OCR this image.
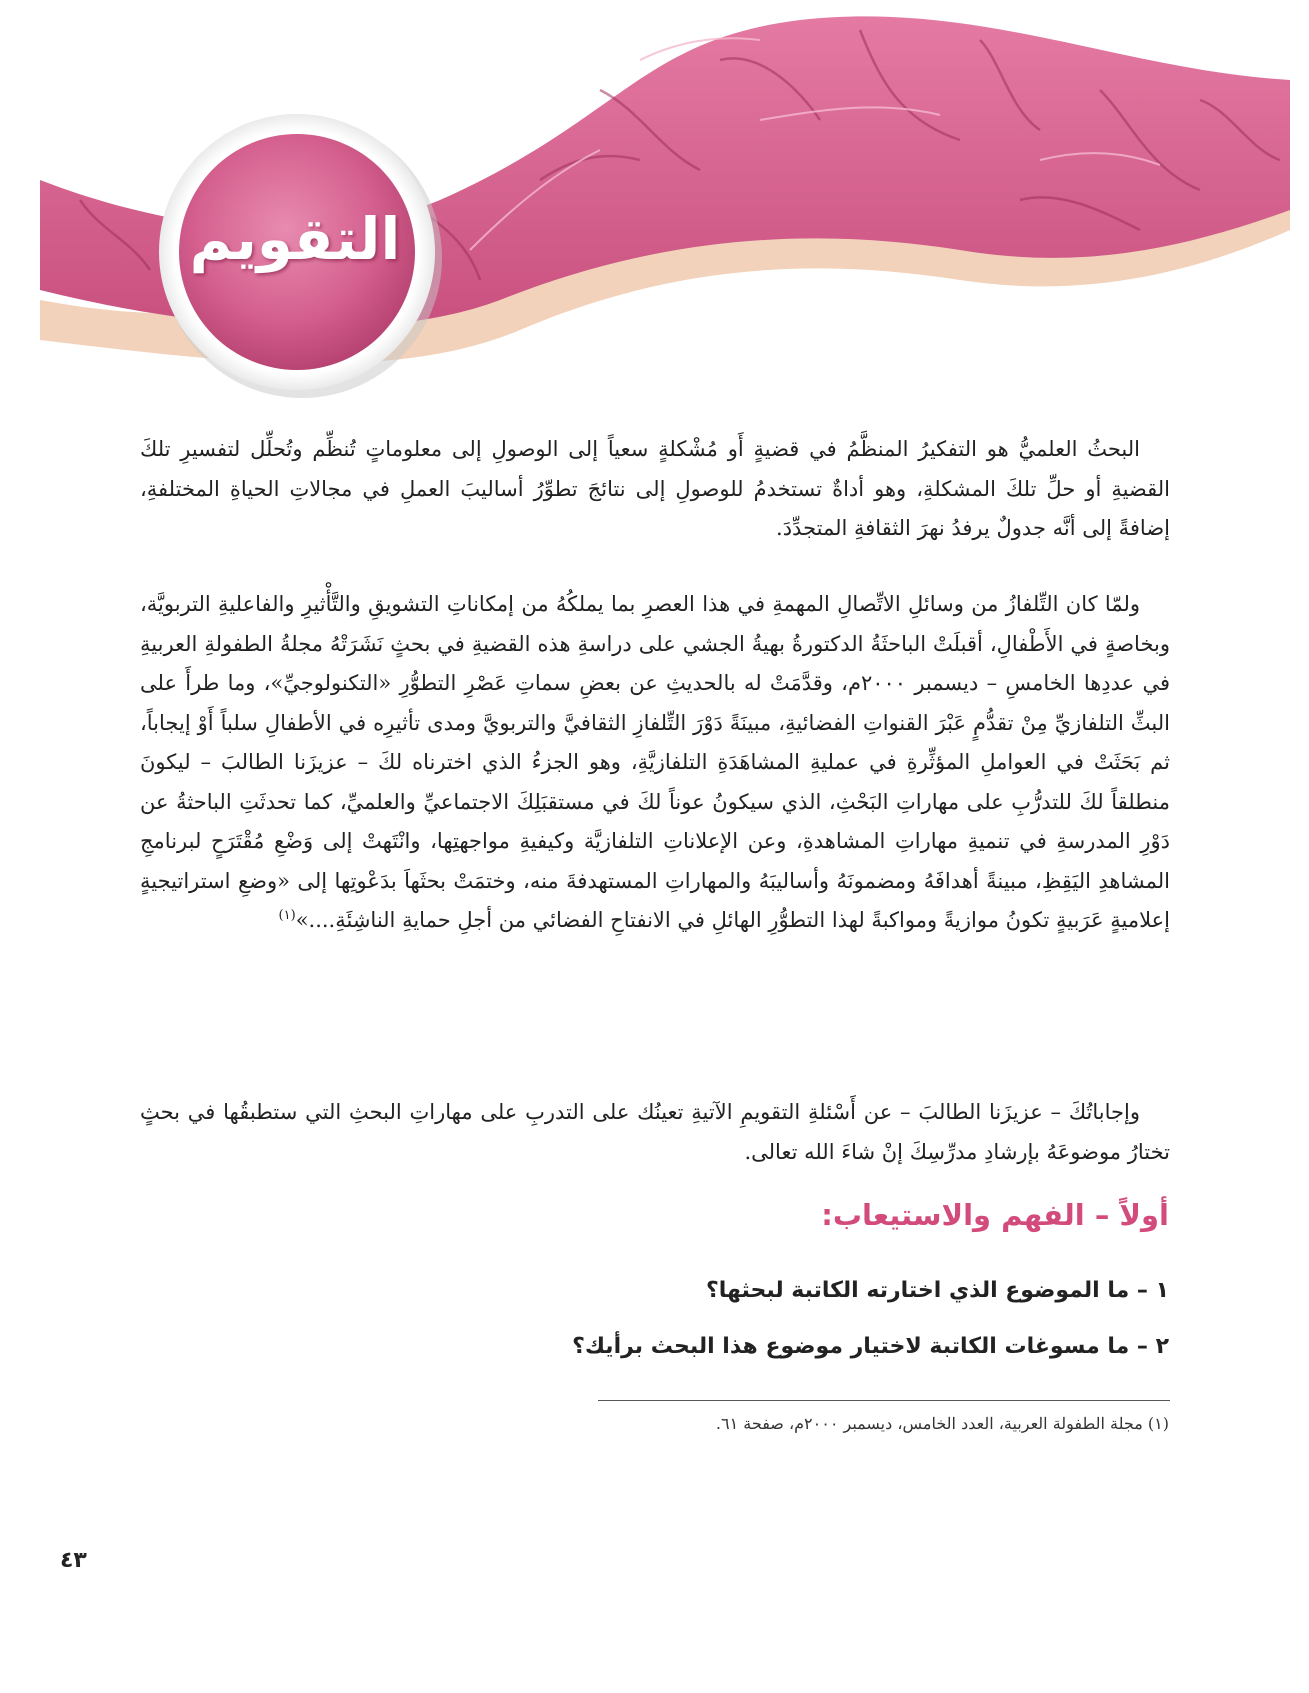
التقويم

البحثُ العلميُّ هو التفكيرُ المنظَّمُ في قضيةٍ أَو مُشْكلةٍ سعياً إلى الوصولِ إلى معلوماتٍ تُنظِّم وتُحلِّل لتفسيرِ تلكَ القضيةِ أو حلِّ تلكَ المشكلةِ، وهو أداةٌ تستخدمُ للوصولِ إلى نتائجَ تطوِّرُ أساليبَ العملِ في مجالاتِ الحياةِ المختلفةِ، إضافةً إلى أنَّه جدولٌ يرفدُ نهرَ الثقافةِ المتجدِّدَ.

ولمّا كان التِّلفازُ من وسائلِ الاتِّصالِ المهمةِ في هذا العصرِ بما يملكُهُ من إمكاناتِ التشويقِ والتَّأْثيرِ والفاعليةِ التربويَّة، وبخاصةٍ في الأَطْفالِ، أقبلَتْ الباحثَةُ الدكتورةُ بهيةُ الجشي على دراسةِ هذه القضيةِ في بحثٍ نَشَرَتْهُ مجلةُ الطفولةِ العربيةِ في عددِها الخامسِ – ديسمبر ٢٠٠٠م، وقدَّمَتْ له بالحديثِ عن بعضِ سماتِ عَصْرِ التطوُّرِ «التكنولوجيِّ»، وما طرأَ على البثِّ التلفازيِّ مِنْ تقدُّمٍ عَبْرَ القنواتِ الفضائيةِ، مبينَةً دَوْرَ التِّلفازِ الثقافيَّ والتربويَّ ومدى تأثيرِه في الأطفالِ سلباً أَوْ إيجاباً، ثم بَحَثَتْ في العواملِ المؤثِّرةِ في عمليةِ المشاهَدَةِ التلفازيَّةِ، وهو الجزءُ الذي اخترناه لكَ – عزيزَنا الطالبَ – ليكونَ منطلقاً لكَ للتدرُّبِ على مهاراتِ البَحْثِ، الذي سيكونُ عوناً لكَ في مستقبَلِكَ الاجتماعيِّ والعلميِّ، كما تحدثَتِ الباحثةُ عن دَوْرِ المدرسةِ في تنميةِ مهاراتِ المشاهدةِ، وعن الإعلاناتِ التلفازيَّة وكيفيةِ مواجهتِها، وانْتَهتْ إلى وَضْعِ مُقْتَرَحٍ لبرنامجِ المشاهدِ اليَقِظِ، مبينةً أهدافَهُ ومضمونَهُ وأساليبَهُ والمهاراتِ المستهدفةَ منه، وختمَتْ بحثَهاَ بدَعْوتِها إلى «وضعِ استراتيجيةٍ إعلاميةٍ عَرَبيةٍ تكونُ موازيةً ومواكبةً لهذا التطوُّرِ الهائلِ في الانفتاحِ الفضائي من أجلِ حمايةِ الناشِئَةِ....»$^{(١)}$

وإجاباتُكَ – عزيزَنا الطالبَ – عن أَسْئلةِ التقويمِ الآتيةِ تعينُك على التدربِ على مهاراتِ البحثِ التي ستطبقُها في بحثٍ تختارُ موضوعَهُ بإرشادِ مدرِّسِكَ إنْ شاءَ الله تعالى.

أولاً – الفهم والاستيعاب:
١ – ما الموضوع الذي اختارته الكاتبة لبحثها؟
٢ – ما مسوغات الكاتبة لاختيار موضوع هذا البحث برأيك؟
(١) مجلة الطفولة العربية، العدد الخامس، ديسمبر ٢٠٠٠م، صفحة ٦١.
٤٣
